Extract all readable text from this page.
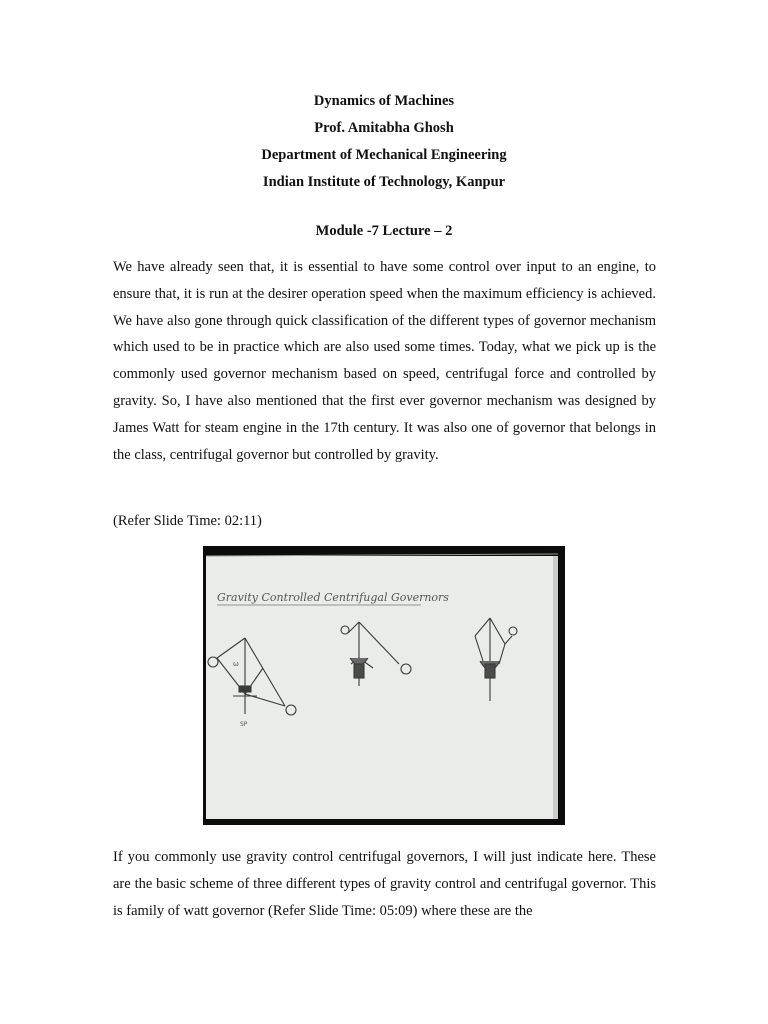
Dynamics of Machines
Prof. Amitabha Ghosh
Department of Mechanical Engineering
Indian Institute of Technology, Kanpur
Module -7 Lecture – 2

We have already seen that, it is essential to have some control over input to an engine, to ensure that, it is run at the desirer operation speed when the maximum efficiency is achieved. We have also gone through quick classification of the different types of governor mechanism which used to be in practice which are also used some times. Today, what we pick up is the commonly used governor mechanism based on speed, centrifugal force and controlled by gravity. So, I have also mentioned that the first ever governor mechanism was designed by James Watt for steam engine in the 17th century. It was also one of governor that belongs in the class, centrifugal governor but controlled by gravity.

(Refer Slide Time: 02:11)

Gravity Controlled Centrifugal Governors
ω
SP

If you commonly use gravity control centrifugal governors, I will just indicate here. These are the basic scheme of three different types of gravity control and centrifugal governor. This is family of watt governor (Refer Slide Time: 05:09) where these are the
